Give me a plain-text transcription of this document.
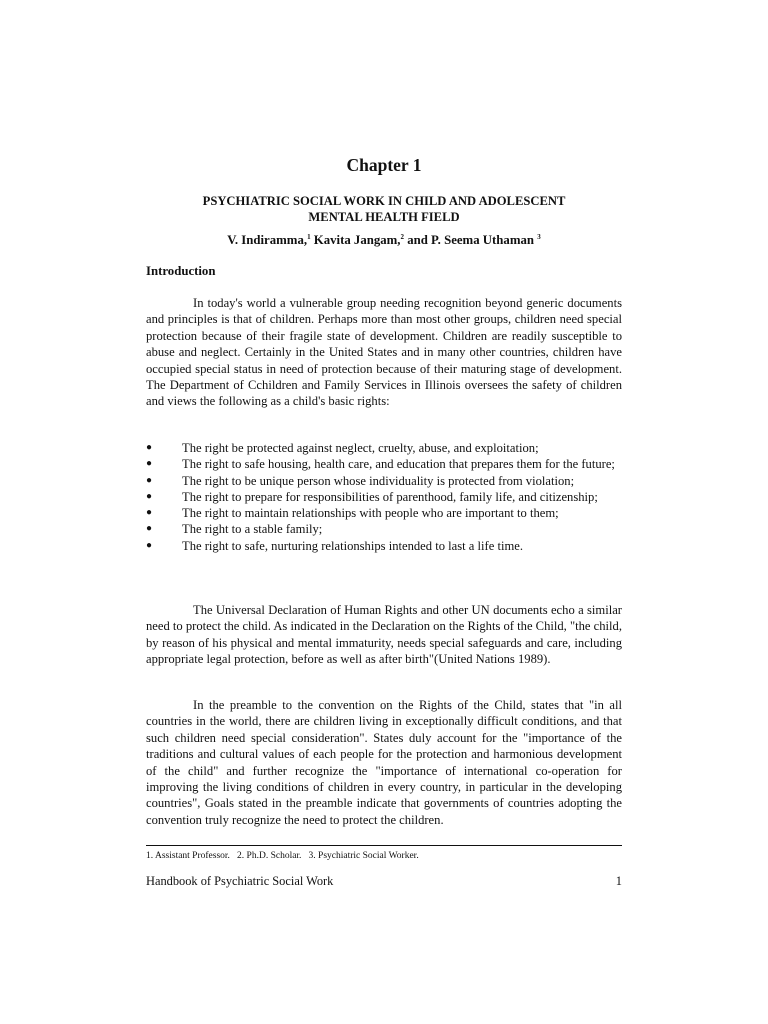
Chapter 1
PSYCHIATRIC SOCIAL WORK IN CHILD AND ADOLESCENT
MENTAL HEALTH FIELD
V. Indiramma,$^1$ Kavita Jangam,$^2$ and P. Seema Uthaman $^3$
Introduction
In today's world a vulnerable group needing recognition beyond generic documents and principles is that of children. Perhaps more than most other groups, children need special protection because of their fragile state of development. Children are readily susceptible to abuse and neglect. Certainly in the United States and in many other countries, children have occupied special status in need of protection because of their maturing stage of development. The Department of Cchildren and Family Services in Illinois oversees the safety of children and views the following as a child's basic rights:
● The right be protected against neglect, cruelty, abuse, and exploitation;
● The right to safe housing, health care, and education that prepares them for the future;
● The right to be unique person whose individuality is protected from violation;
● The right to prepare for responsibilities of parenthood, family life, and citizenship;
● The right to maintain relationships with people who are important to them;
● The right to a stable family;
● The right to safe, nurturing relationships intended to last a life time.
The Universal Declaration of Human Rights and other UN documents echo a similar need to protect the child. As indicated in the Declaration on the Rights of the Child, "the child, by reason of his physical and mental immaturity, needs special safeguards and care, including appropriate legal protection, before as well as after birth"(United Nations 1989).
In the preamble to the convention on the Rights of the Child, states that "in all countries in the world, there are children living in exceptionally difficult conditions, and that such children need special consideration". States duly account for the "importance of the traditions and cultural values of each people for the protection and harmonious development of the child" and further recognize the "importance of international co-operation for improving the living conditions of children in every country, in particular in the developing countries", Goals stated in the preamble indicate that governments of countries adopting the convention truly recognize the need to protect the children.
1. Assistant Professor.   2. Ph.D. Scholar.   3. Psychiatric Social Worker.
Handbook of Psychiatric Social Work	1
